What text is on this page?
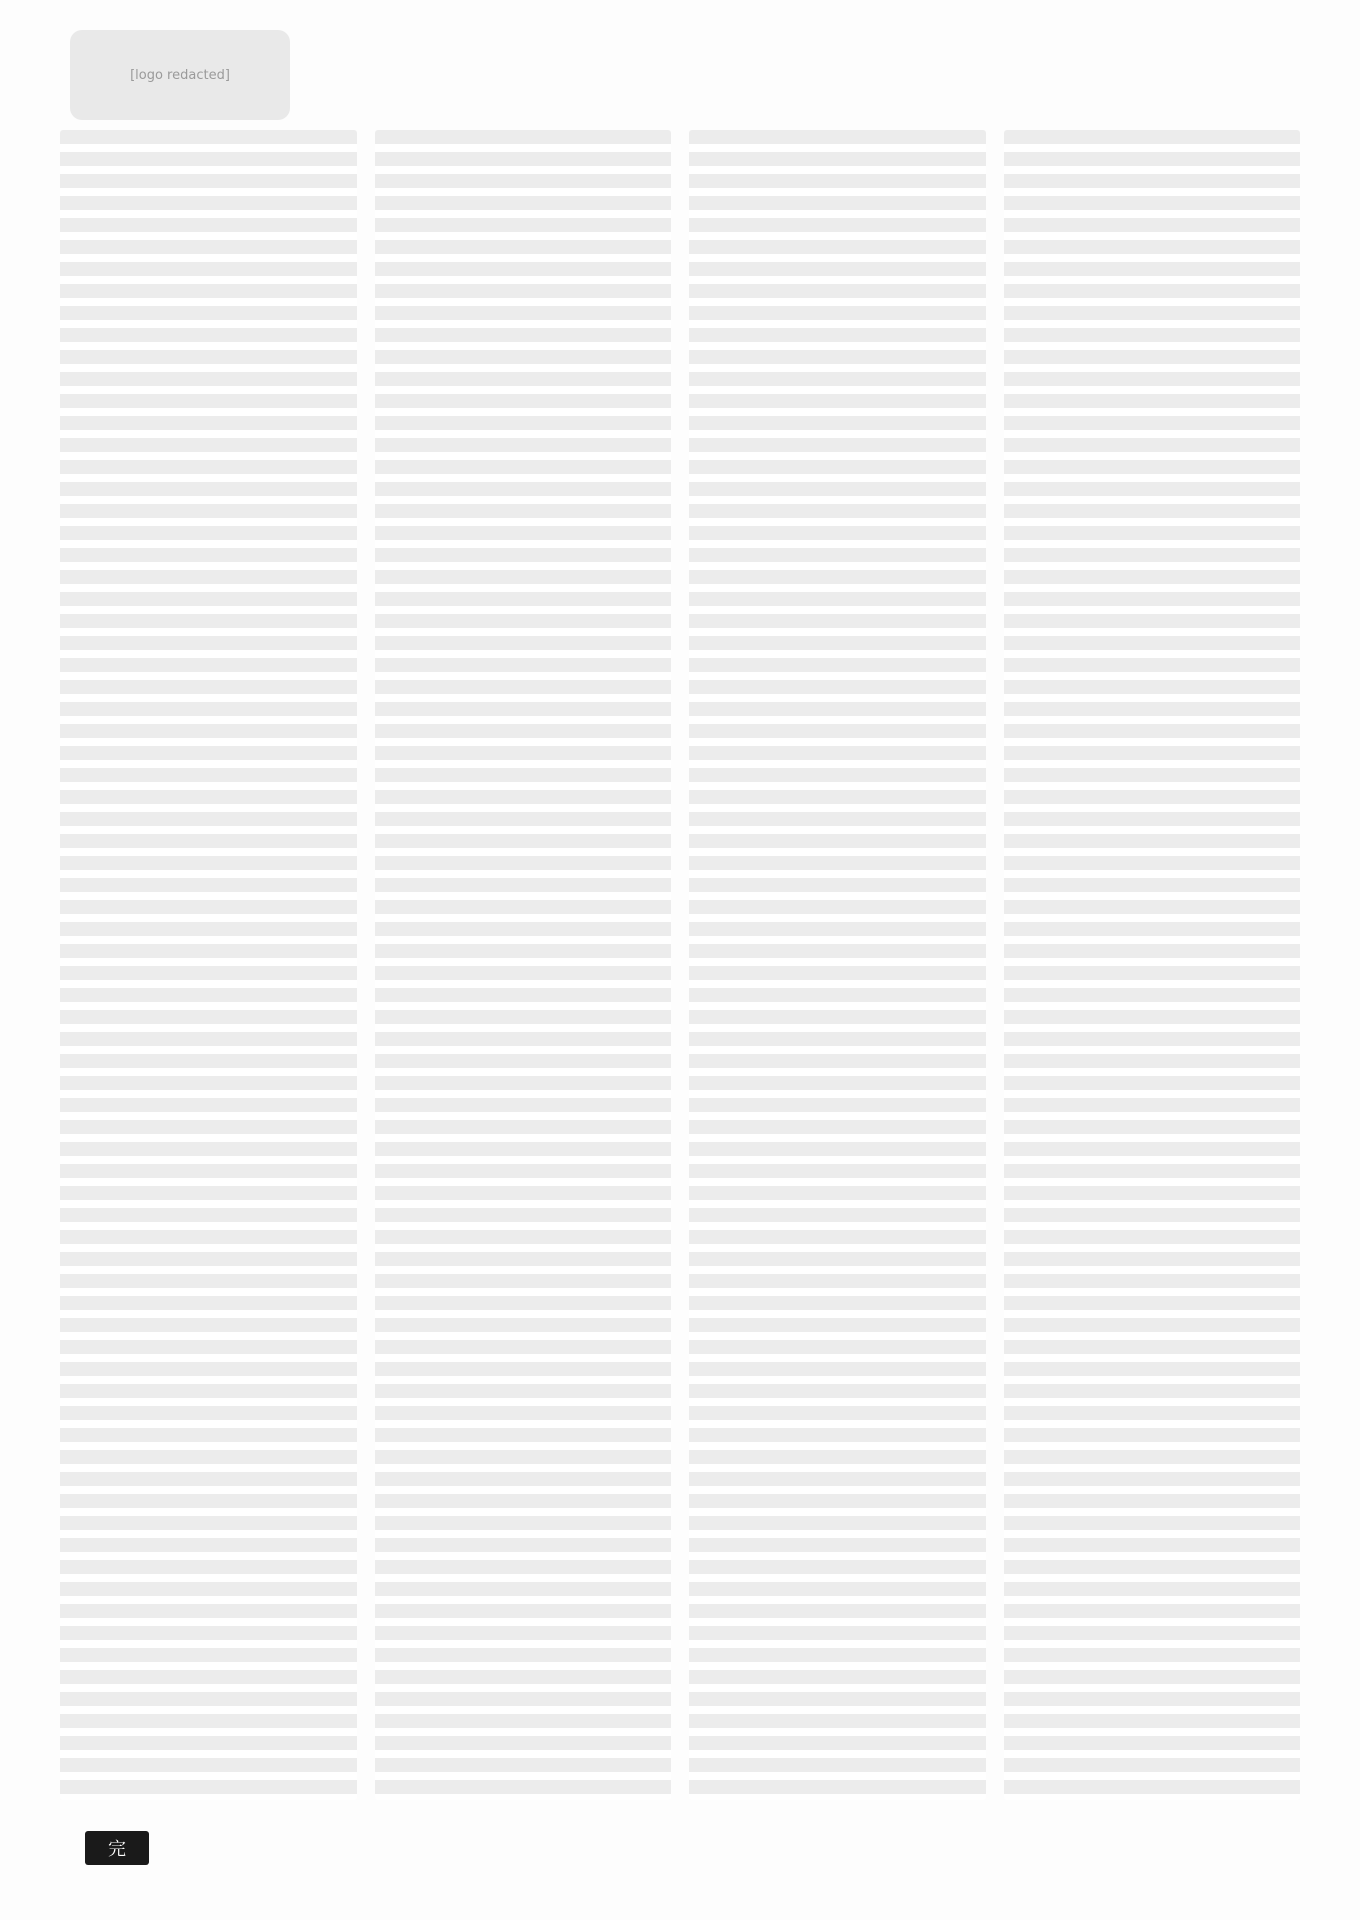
[logo redacted]
完
